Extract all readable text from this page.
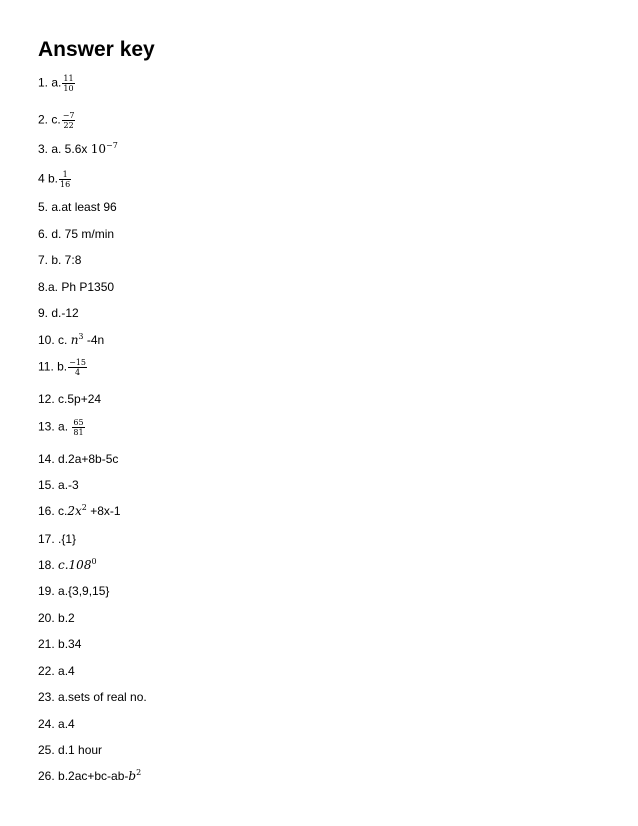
Answer key
1. a. $\frac{11}{10}$
2. c. $\frac{-7}{22}$
3. a. 5.6x $10^{-7}$
4 b. $\frac{1}{16}$
5. a.at least 96
6. d. 75 m/min
7. b. 7:8
8.a. Ph P1350
9. d.-12
10. c. $n^3$ -4n
11. b. $\frac{-15}{4}$
12. c.5p+24
13. a. $\frac{65}{81}$
14. d.2a+8b-5c
15. a.-3
16. $c.2x^2 +8x-1$
17. .{1}
18. c.108$^0$
19. a.{3,9,15}
20. b.2
21. b.34
22. a.4
23. a.sets of real no.
24. a.4
25. d.1 hour
26. $b.2ac+bc-ab-b^2$
